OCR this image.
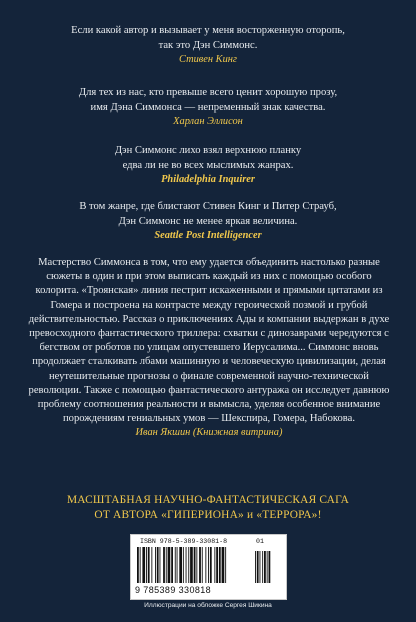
Если какой автор и вызывает у меня восторженную оторопь,
так это Дэн Симмонс.
Стивен Кинг
Для тех из нас, кто превыше всего ценит хорошую прозу,
имя Дэна Симмонса — непременный знак качества.
Харлан Эллисон
Дэн Симмонс лихо взял верхнюю планку
едва ли не во всех мыслимых жанрах.
Philadelphia Inquirer
В том жанре, где блистают Стивен Кинг и Питер Страуб,
Дэн Симмонс не менее яркая величина.
Seattle Post Intelligencer
Мастерство Симмонса в том, что ему удается объединить настолько разные сюжеты в один и при этом выписать каждый из них с помощью особого колорита. «Троянская» линия пестрит искаженными и прямыми цитатами из Гомера и построена на контрасте между героической позмой и грубой действительностью. Рассказ о приключениях Ады и компании выдержан в духе превосходного фантастического триллера: схватки с динозаврами чередуются с бегством от роботов по улицам опустевшего Иерусалима... Симмонс вновь продолжает сталкивать лбами машинную и человеческую цивилизации, делая неутешительные прогнозы о финале современной научно-технической революции. Также с помощью фантастического антуража он исследует давнюю проблему соотношения реальности и вымысла, уделяя особенное внимание порождениям гениальных умов — Шекспира, Гомера, Набокова.
Иван Якшин (Книжная витрина)
МАСШТАБНАЯ НАУЧНО-ФАНТАСТИЧЕСКАЯ САГА
ОТ АВТОРА «ГИПЕРИОНА» и «ТЕРРОРА»!
ISBN 978-5-389-33081-8	01
9 785389 330818
Иллюстрации на обложке Сергея Шикина
